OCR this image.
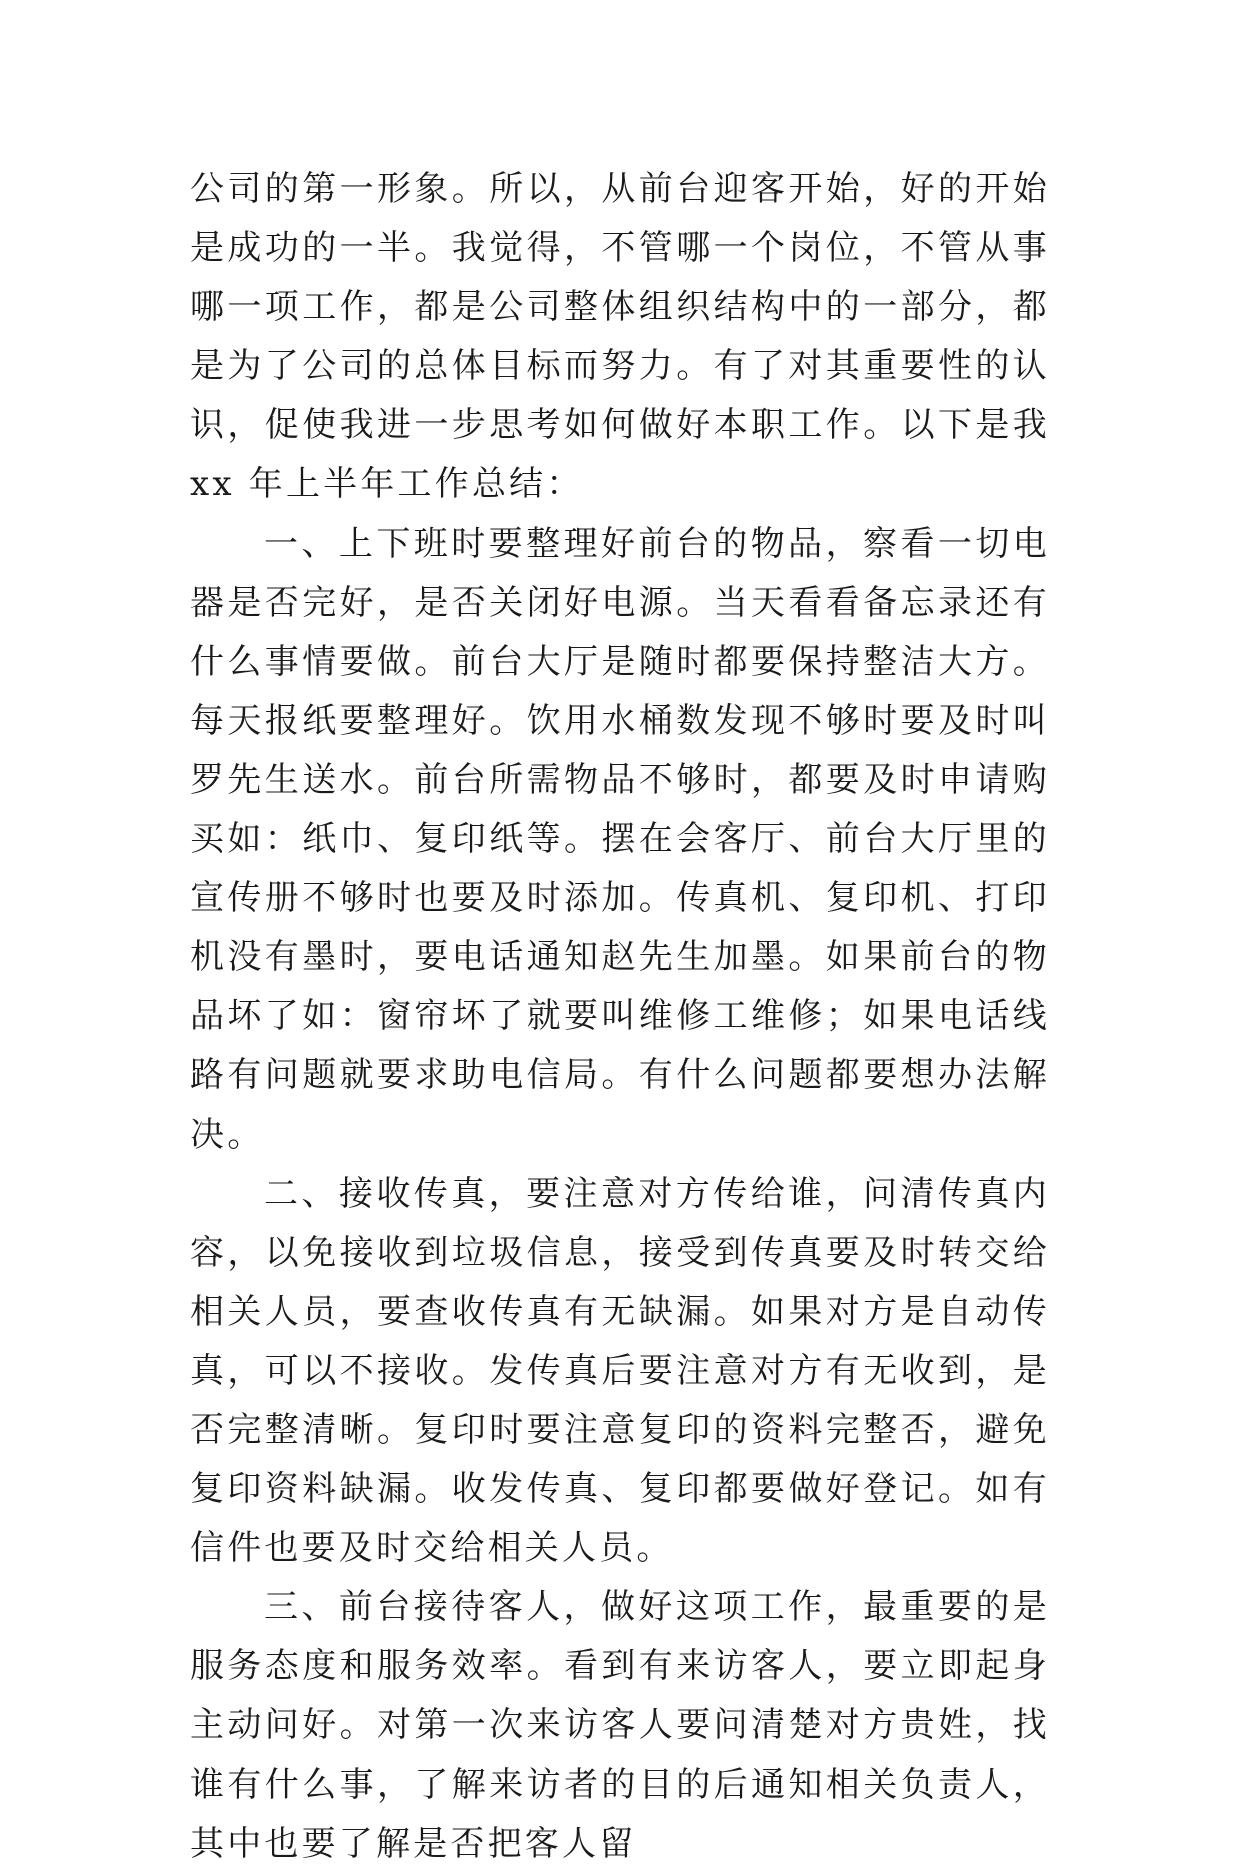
公司的第一形象。所以，从前台迎客开始，好的开始是成功的一半。我觉得，不管哪一个岗位，不管从事哪一项工作，都是公司整体组织结构中的一部分，都是为了公司的总体目标而努力。有了对其重要性的认识，促使我进一步思考如何做好本职工作。以下是我 xx 年上半年工作总结：

一、上下班时要整理好前台的物品，察看一切电器是否完好，是否关闭好电源。当天看看备忘录还有什么事情要做。前台大厅是随时都要保持整洁大方。每天报纸要整理好。饮用水桶数发现不够时要及时叫罗先生送水。前台所需物品不够时，都要及时申请购买如：纸巾、复印纸等。摆在会客厅、前台大厅里的宣传册不够时也要及时添加。传真机、复印机、打印机没有墨时，要电话通知赵先生加墨。如果前台的物品坏了如：窗帘坏了就要叫维修工维修；如果电话线路有问题就要求助电信局。有什么问题都要想办法解决。

二、接收传真，要注意对方传给谁，问清传真内容，以免接收到垃圾信息，接受到传真要及时转交给相关人员，要查收传真有无缺漏。如果对方是自动传真，可以不接收。发传真后要注意对方有无收到，是否完整清晰。复印时要注意复印的资料完整否，避免复印资料缺漏。收发传真、复印都要做好登记。如有信件也要及时交给相关人员。

三、前台接待客人，做好这项工作，最重要的是服务态度和服务效率。看到有来访客人，要立即起身主动问好。对第一次来访客人要问清楚对方贵姓，找谁有什么事，了解来访者的目的后通知相关负责人，其中也要了解是否把客人留
